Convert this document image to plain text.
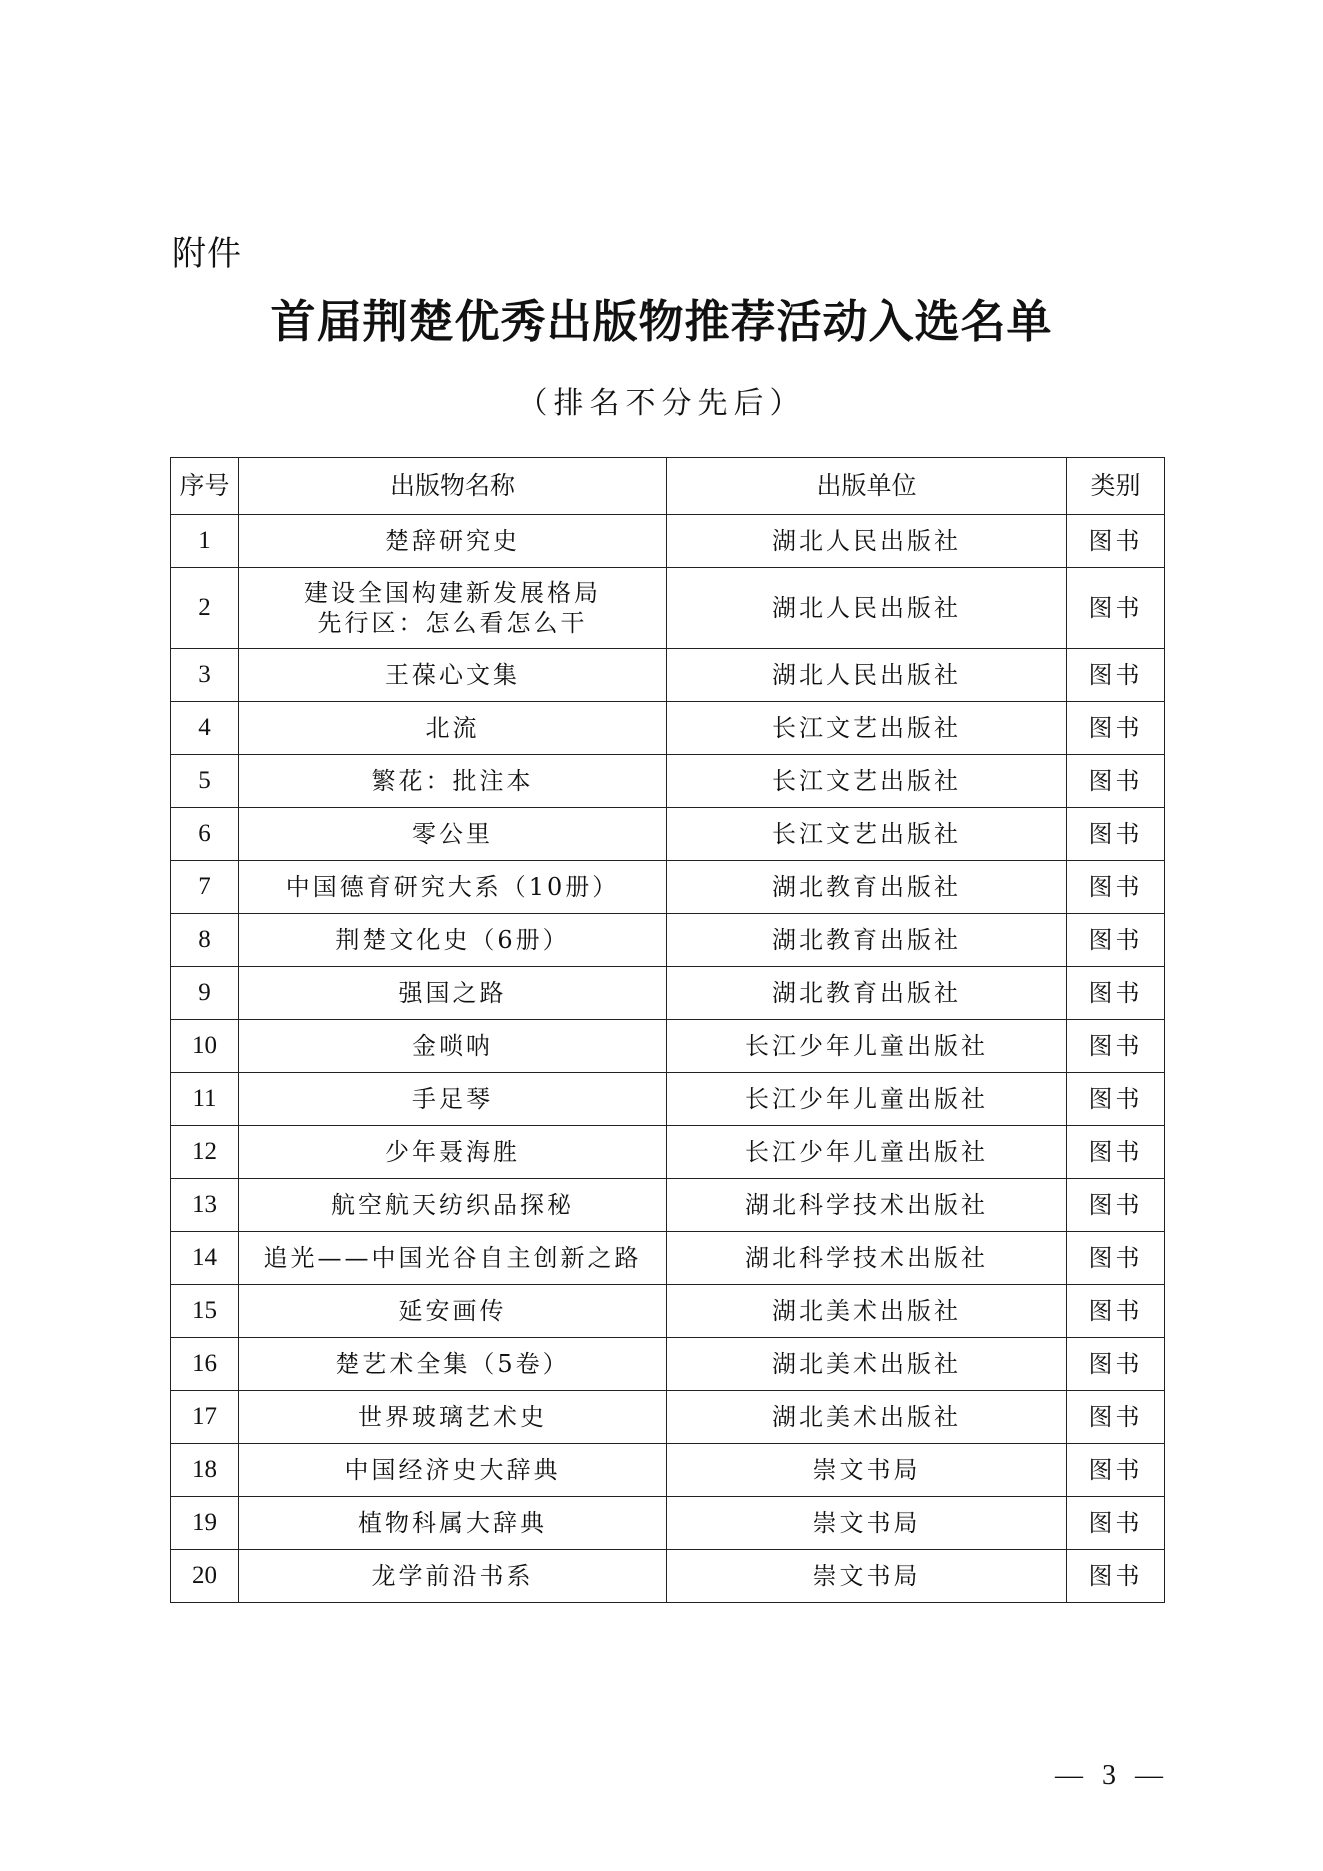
附件
首届荆楚优秀出版物推荐活动入选名单
（排名不分先后）
序号	出版物名称	出版单位	类别
1	楚辞研究史	湖北人民出版社	图书
2	建设全国构建新发展格局
先行区：怎么看怎么干	湖北人民出版社	图书
3	王葆心文集	湖北人民出版社	图书
4	北流	长江文艺出版社	图书
5	繁花：批注本	长江文艺出版社	图书
6	零公里	长江文艺出版社	图书
7	中国德育研究大系（10册）	湖北教育出版社	图书
8	荆楚文化史（6册）	湖北教育出版社	图书
9	强国之路	湖北教育出版社	图书
10	金唢呐	长江少年儿童出版社	图书
11	手足琴	长江少年儿童出版社	图书
12	少年聂海胜	长江少年儿童出版社	图书
13	航空航天纺织品探秘	湖北科学技术出版社	图书
14	追光——中国光谷自主创新之路	湖北科学技术出版社	图书
15	延安画传	湖北美术出版社	图书
16	楚艺术全集（5卷）	湖北美术出版社	图书
17	世界玻璃艺术史	湖北美术出版社	图书
18	中国经济史大辞典	崇文书局	图书
19	植物科属大辞典	崇文书局	图书
20	龙学前沿书系	崇文书局	图书
— 3 —
